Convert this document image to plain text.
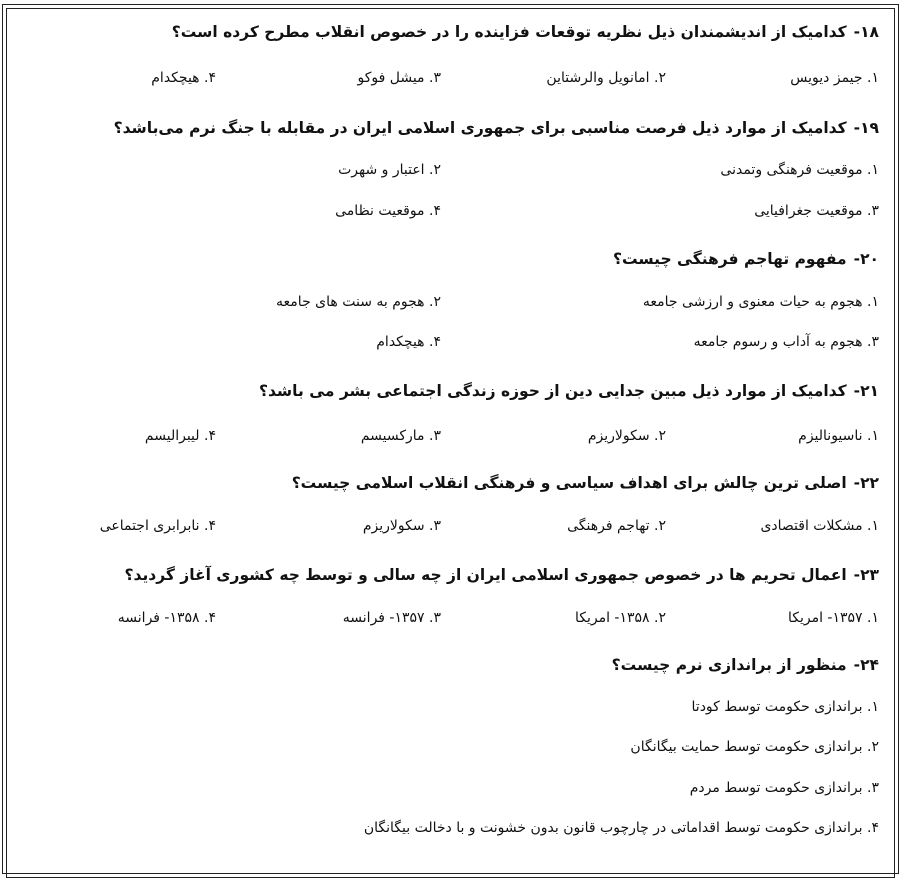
۱۸-کدامیک از اندیشمندان ذیل نظریه توقعات فزاینده را در خصوص انقلاب مطرح کرده است؟
۱. جیمز دیویس
۲. امانویل والرشتاین
۳. میشل فوکو
۴. هیچکدام
۱۹-کدامیک از موارد ذیل فرصت مناسبی برای جمهوری اسلامی ایران در مقابله با جنگ نرم می‌باشد؟
۱. موقعیت فرهنگی وتمدنی
۲. اعتبار و شهرت
۳. موقعیت جغرافیایی
۴. موقعیت نظامی
۲۰-مفهوم تهاجم فرهنگی چیست؟
۱. هجوم به حیات معنوی و ارزشی جامعه
۲. هجوم به سنت های جامعه
۳. هجوم به آداب و رسوم جامعه
۴. هیچکدام
۲۱-کدامیک از موارد ذیل مبین جدایی دین از حوزه زندگی اجتماعی بشر می باشد؟
۱. ناسیونالیزم
۲. سکولاریزم
۳. مارکسیسم
۴. لیبرالیسم
۲۲-اصلی ترین چالش برای اهداف سیاسی و فرهنگی انقلاب اسلامی چیست؟
۱. مشکلات اقتصادی
۲. تهاجم فرهنگی
۳. سکولاریزم
۴. نابرابری اجتماعی
۲۳-اعمال تحریم ها در خصوص جمهوری اسلامی ایران از چه سالی و توسط چه کشوری آغاز گردید؟
۱. ۱۳۵۷- امریکا
۲. ۱۳۵۸- امریکا
۳. ۱۳۵۷- فرانسه
۴. ۱۳۵۸- فرانسه
۲۴-منظور از براندازی نرم چیست؟
۱. براندازی حکومت توسط کودتا
۲. براندازی حکومت توسط حمایت بیگانگان
۳. براندازی حکومت توسط مردم
۴. براندازی حکومت توسط اقداماتی در چارچوب قانون بدون خشونت و با دخالت بیگانگان
